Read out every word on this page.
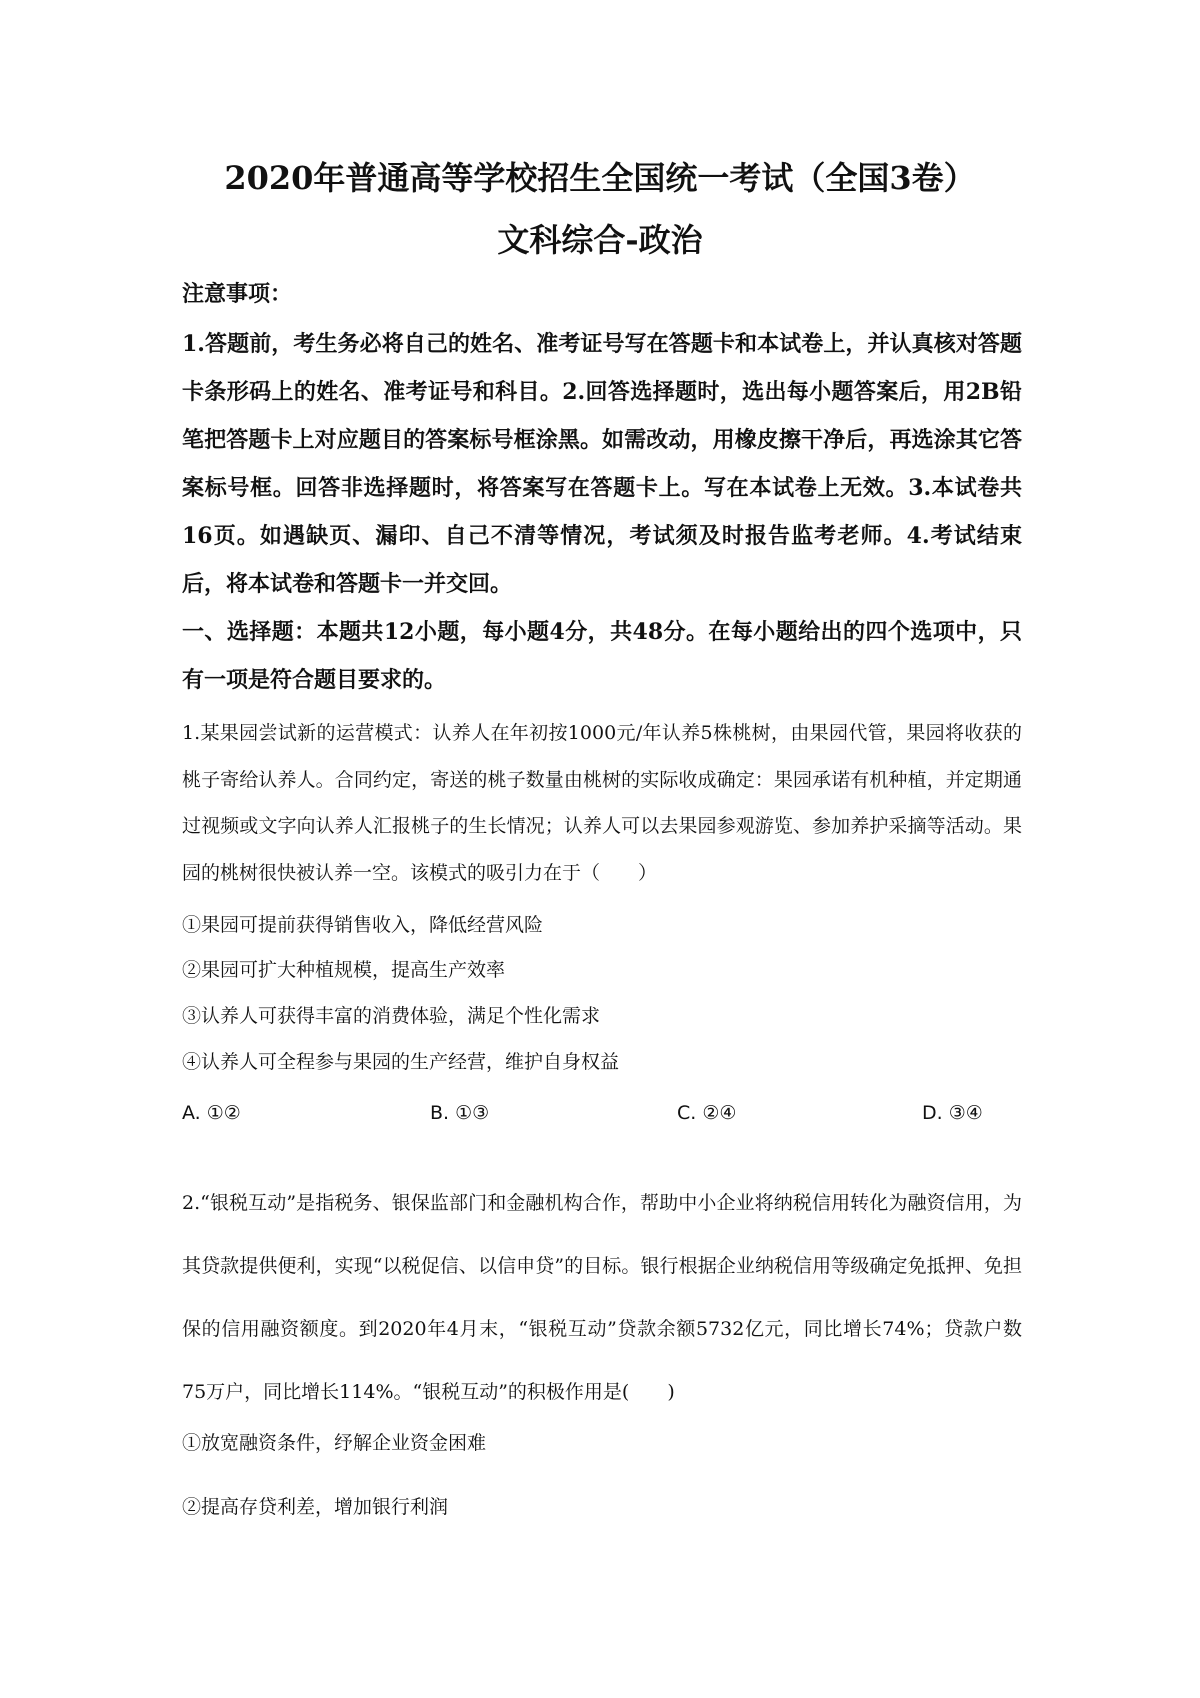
2020年普通高等学校招生全国统一考试（全国3卷）
文科综合-政治
注意事项：
1.答题前，考生务必将自己的姓名、准考证号写在答题卡和本试卷上，并认真核对答题卡条形码上的姓名、准考证号和科目。2.回答选择题时，选出每小题答案后，用2B铅笔把答题卡上对应题目的答案标号框涂黑。如需改动，用橡皮擦干净后，再选涂其它答案标号框。回答非选择题时，将答案写在答题卡上。写在本试卷上无效。3.本试卷共16页。如遇缺页、漏印、自己不清等情况，考试须及时报告监考老师。4.考试结束后，将本试卷和答题卡一并交回。
一、选择题：本题共12小题，每小题4分，共48分。在每小题给出的四个选项中，只有一项是符合题目要求的。
1.某果园尝试新的运营模式：认养人在年初按1000元/年认养5株桃树，由果园代管，果园将收获的桃子寄给认养人。合同约定，寄送的桃子数量由桃树的实际收成确定：果园承诺有机种植，并定期通过视频或文字向认养人汇报桃子的生长情况；认养人可以去果园参观游览、参加养护采摘等活动。果园的桃树很快被认养一空。该模式的吸引力在于（　　）
①果园可提前获得销售收入，降低经营风险
②果园可扩大种植规模，提高生产效率
③认养人可获得丰富的消费体验，满足个性化需求
④认养人可全程参与果园的生产经营，维护自身权益
A. ①②	B. ①③	C. ②④	D. ③④
2.“银税互动”是指税务、银保监部门和金融机构合作，帮助中小企业将纳税信用转化为融资信用，为其贷款提供便利，实现“以税促信、以信申贷”的目标。银行根据企业纳税信用等级确定免抵押、免担保的信用融资额度。到2020年4月末，“银税互动”贷款余额5732亿元，同比增长74%；贷款户数75万户，同比增长114%。“银税互动”的积极作用是(　　)
①放宽融资条件，纾解企业资金困难
②提高存贷利差，增加银行利润
